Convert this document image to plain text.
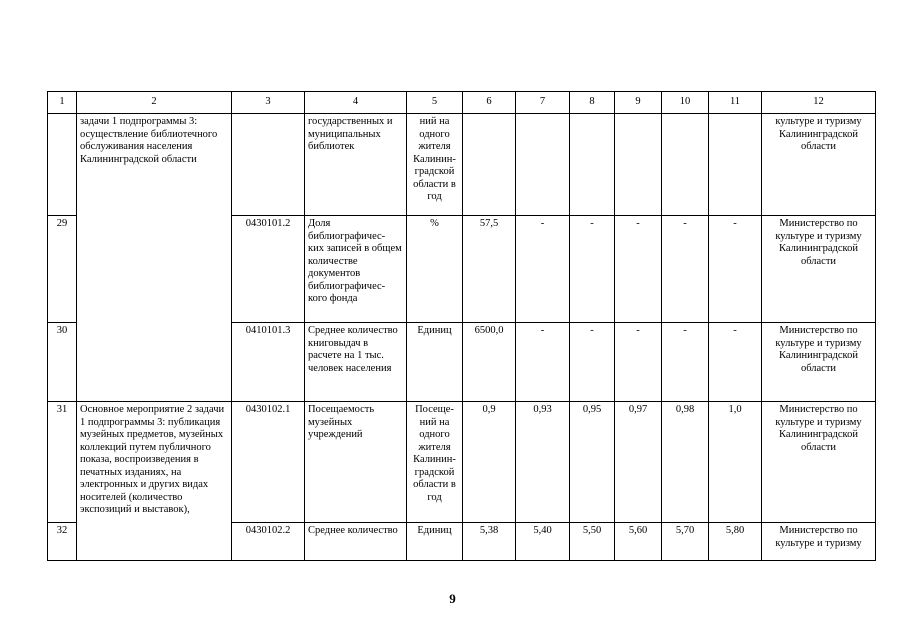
1	2	3	4	5	6	7	8	9	10	11	12
	задачи 1 подпрограммы 3: осуществление библиотечного обслуживания населения Калининградской области		государственных и муниципальных библиотек	ний на одного жителя Калинин- градской области в год							культуре и туризму Калининградской области
29		0430101.2	Доля библиографичес- ких записей в общем количестве документов библиографичес- кого фонда	%	57,5	-	-	-	-	-	Министерство по культуре и туризму Калининградской области
30		0410101.3	Среднее количество книговыдач в расчете на 1 тыс. человек населения	Единиц	6500,0	-	-	-	-	-	Министерство по культуре и туризму Калининградской области
31	Основное мероприятие 2 задачи 1 подпрограммы 3: публикация музейных предметов, музейных коллекций путем публичного показа, воспроизведения в печатных изданиях, на электронных и других видах носителей (количество экспозиций и выставок),	0430102.1	Посещаемость музейных учреждений	Посеще- ний на одного жителя Калинин- градской области в год	0,9	0,93	0,95	0,97	0,98	1,0	Министерство по культуре и туризму Калининградской области
32		0430102.2	Среднее количество	Единиц	5,38	5,40	5,50	5,60	5,70	5,80	Министерство по культуре и туризму
9
